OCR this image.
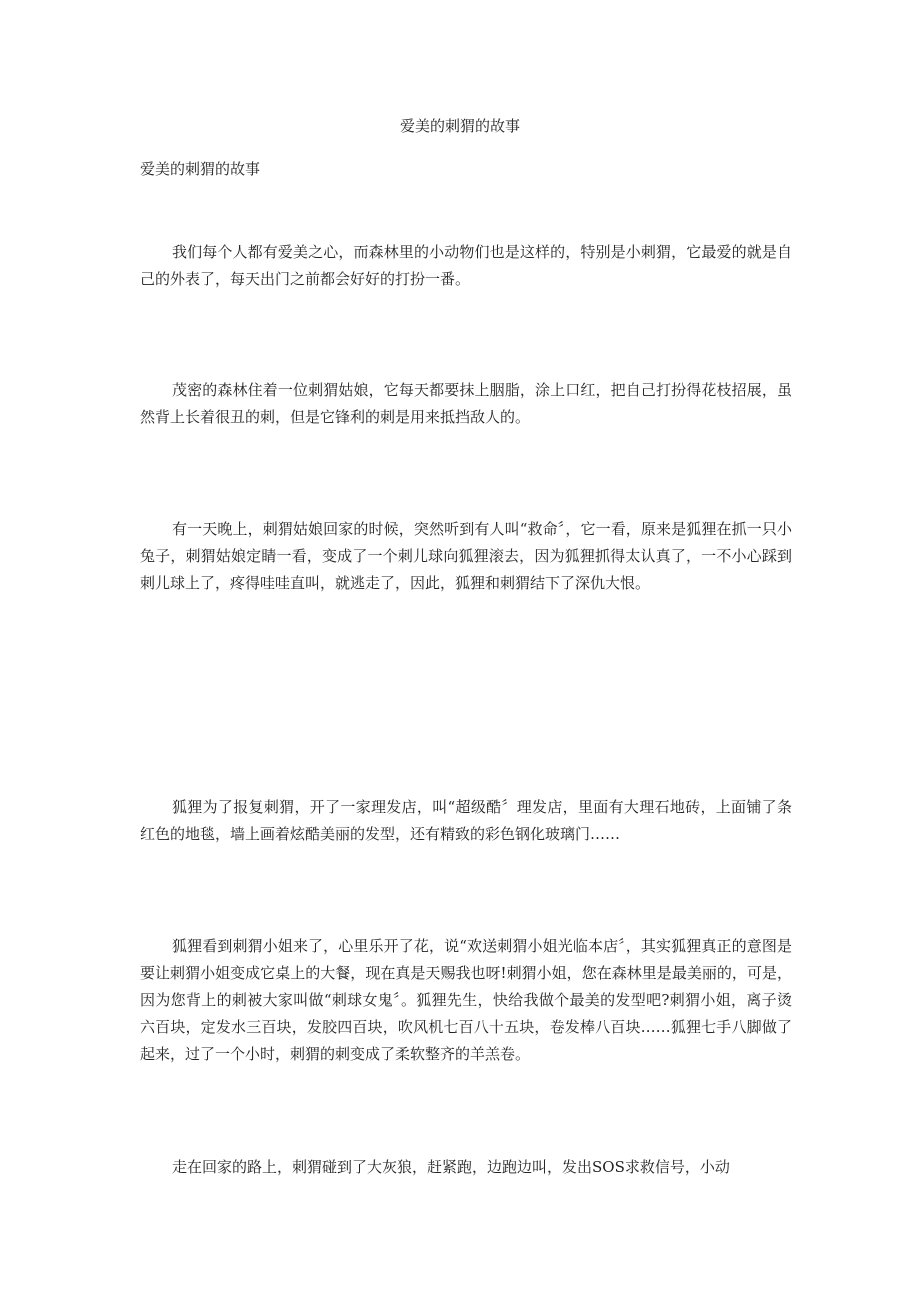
爱美的刺猬的故事

爱美的刺猬的故事

我们每个人都有爱美之心，而森林里的小动物们也是这样的，特别是小刺猬，它最爱的就是自己的外表了，每天出门之前都会好好的打扮一番。

茂密的森林住着一位刺猬姑娘，它每天都要抹上胭脂，涂上口红，把自己打扮得花枝招展，虽然背上长着很丑的刺，但是它锋利的刺是用来抵挡敌人的。

有一天晚上，刺猬姑娘回家的时候，突然听到有人叫“救命〞，它一看，原来是狐狸在抓一只小兔子，刺猬姑娘定睛一看，变成了一个刺儿球向狐狸滚去，因为狐狸抓得太认真了，一不小心踩到刺儿球上了，疼得哇哇直叫，就逃走了，因此，狐狸和刺猬结下了深仇大恨。

狐狸为了报复刺猬，开了一家理发店，叫“超级酷〞理发店，里面有大理石地砖，上面铺了条红色的地毯，墙上画着炫酷美丽的发型，还有精致的彩色钢化玻璃门……

狐狸看到刺猬小姐来了，心里乐开了花，说“欢送刺猬小姐光临本店〞，其实狐狸真正的意图是要让刺猬小姐变成它桌上的大餐，现在真是天赐我也呀!刺猬小姐，您在森林里是最美丽的，可是，因为您背上的刺被大家叫做“刺球女鬼〞。狐狸先生，快给我做个最美的发型吧?刺猬小姐，离子烫六百块，定发水三百块，发胶四百块，吹风机七百八十五块，卷发棒八百块……狐狸七手八脚做了起来，过了一个小时，刺猬的刺变成了柔软整齐的羊羔卷。

走在回家的路上，刺猬碰到了大灰狼，赶紧跑，边跑边叫，发出SOS求救信号，小动
